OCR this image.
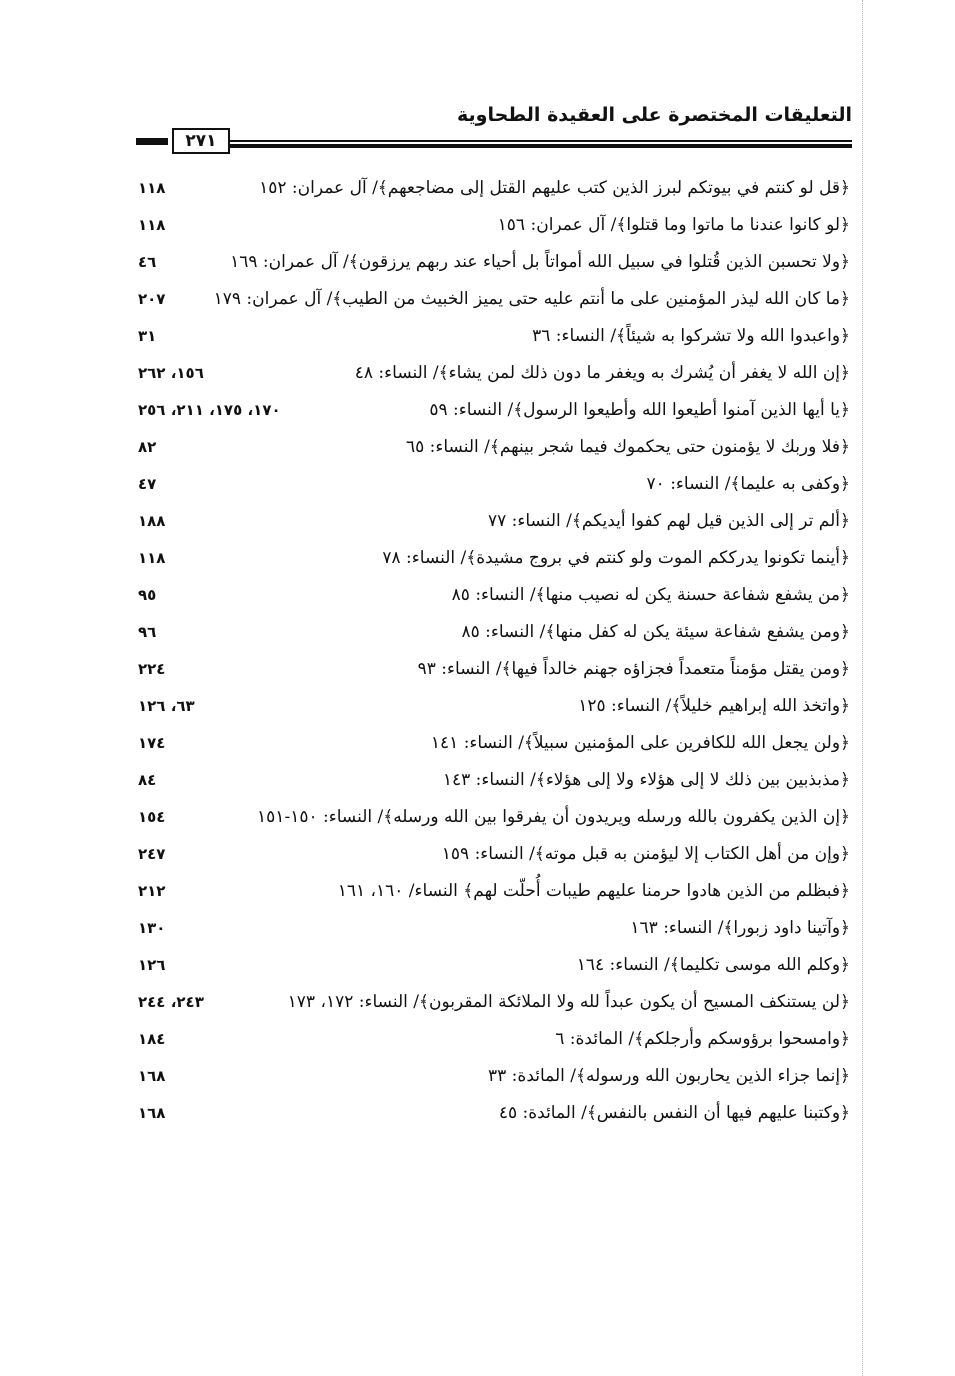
التعليقات المختصرة على العقيدة الطحاوية
٢٧١
﴿قل لو كنتم في بيوتكم لبرز الذين كتب عليهم القتل إلى مضاجعهم﴾/ آل عمران: ١٥٢
١١٨
﴿لو كانوا عندنا ما ماتوا وما قتلوا﴾/ آل عمران: ١٥٦
١١٨
﴿ولا تحسبن الذين قُتلوا في سبيل الله أمواتاً بل أحياء عند ربهم يرزقون﴾/ آل عمران: ١٦٩
٤٦
﴿ما كان الله ليذر المؤمنين على ما أنتم عليه حتى يميز الخبيث من الطيب﴾/ آل عمران: ١٧٩
٢٠٧
﴿واعبدوا الله ولا تشركوا به شيئاً﴾/ النساء: ٣٦
٣١
﴿إن الله لا يغفر أن يُشرك به ويغفر ما دون ذلك لمن يشاء﴾/ النساء: ٤٨
١٥٦، ٢٦٢
﴿يا أيها الذين آمنوا أطيعوا الله وأطيعوا الرسول﴾/ النساء: ٥٩
١٧٠، ١٧٥، ٢١١، ٢٥٦
﴿فلا وربك لا يؤمنون حتى يحكموك فيما شجر بينهم﴾/ النساء: ٦٥
٨٢
﴿وكفى به عليما﴾/ النساء: ٧٠
٤٧
﴿ألم تر إلى الذين قيل لهم كفوا أيديكم﴾/ النساء: ٧٧
١٨٨
﴿أينما تكونوا يدرككم الموت ولو كنتم في بروج مشيدة﴾/ النساء: ٧٨
١١٨
﴿من يشفع شفاعة حسنة يكن له نصيب منها﴾/ النساء: ٨٥
٩٥
﴿ومن يشفع شفاعة سيئة يكن له كفل منها﴾/ النساء: ٨٥
٩٦
﴿ومن يقتل مؤمناً متعمداً فجزاؤه جهنم خالداً فيها﴾/ النساء: ٩٣
٢٢٤
﴿واتخذ الله إبراهيم خليلاً﴾/ النساء: ١٢٥
٦٣، ١٢٦
﴿ولن يجعل الله للكافرين على المؤمنين سبيلاً﴾/ النساء: ١٤١
١٧٤
﴿مذبذبين بين ذلك لا إلى هؤلاء ولا إلى هؤلاء﴾/ النساء: ١٤٣
٨٤
﴿إن الذين يكفرون بالله ورسله ويريدون أن يفرقوا بين الله ورسله﴾/ النساء: ١٥٠-١٥١
١٥٤
﴿وإن من أهل الكتاب إلا ليؤمنن به قبل موته﴾/ النساء: ١٥٩
٢٤٧
﴿فبظلم من الذين هادوا حرمنا عليهم طيبات أُحلّت لهم﴾ النساء/ ١٦٠، ١٦١
٢١٢
﴿وآتينا داود زبورا﴾/ النساء: ١٦٣
١٣٠
﴿وكلم الله موسى تكليما﴾/ النساء: ١٦٤
١٢٦
﴿لن يستنكف المسيح أن يكون عبداً لله ولا الملائكة المقربون﴾/ النساء: ١٧٢، ١٧٣
٢٤٣، ٢٤٤
﴿وامسحوا برؤوسكم وأرجلكم﴾/ المائدة: ٦
١٨٤
﴿إنما جزاء الذين يحاربون الله ورسوله﴾/ المائدة: ٣٣
١٦٨
﴿وكتبنا عليهم فيها أن النفس بالنفس﴾/ المائدة: ٤٥
١٦٨
